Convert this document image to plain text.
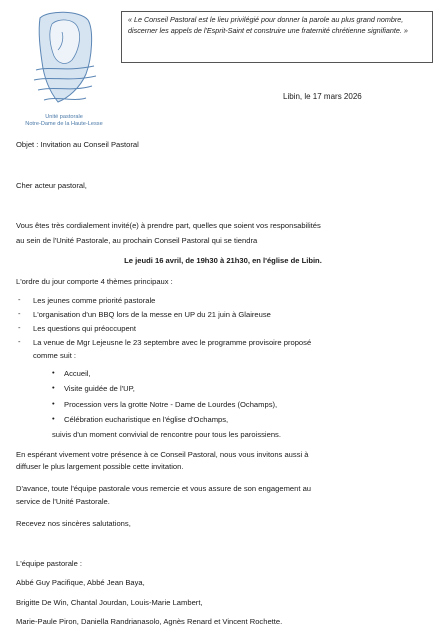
Unité pastorale
Notre-Dame de la Haute-Lesse
« Le Conseil Pastoral est le lieu privilégié pour donner la parole au plus grand nombre, discerner les appels de l'Esprit-Saint et construire une fraternité chrétienne signifiante. »
Libin, le 17 mars 2026
Objet : Invitation au Conseil Pastoral
Cher acteur pastoral,
Vous êtes très cordialement invité(e) à prendre part, quelles que soient vos responsabilités
au sein de l'Unité Pastorale, au prochain Conseil Pastoral qui se tiendra
Le jeudi 16 avril, de 19h30 à 21h30, en l'église de Libin.
L'ordre du jour comporte 4 thèmes principaux :
- Les jeunes comme priorité pastorale
- L'organisation d'un BBQ lors de la messe en UP du 21 juin à Glaireuse
- Les questions qui préoccupent
- La venue de Mgr Lejeusne le 23 septembre avec le programme provisoire proposé
comme suit :
• Accueil,
• Visite guidée de l'UP,
• Procession vers la grotte Notre - Dame de Lourdes (Ochamps),
• Célébration eucharistique en l'église d'Ochamps,
suivis d'un moment convivial de rencontre pour tous les paroissiens.
En espérant vivement votre présence à ce Conseil Pastoral, nous vous invitons aussi à
diffuser le plus largement possible cette invitation.
D'avance, toute l'équipe pastorale vous remercie et vous assure de son engagement au
service de l'Unité Pastorale.
Recevez nos sincères salutations,
L'équipe pastorale :
Abbé Guy Pacifique, Abbé Jean Baya,
Brigitte De Win, Chantal Jourdan, Louis-Marie Lambert,
Marie-Paule Piron, Daniella Randrianasolo, Agnès Renard et Vincent Rochette.
